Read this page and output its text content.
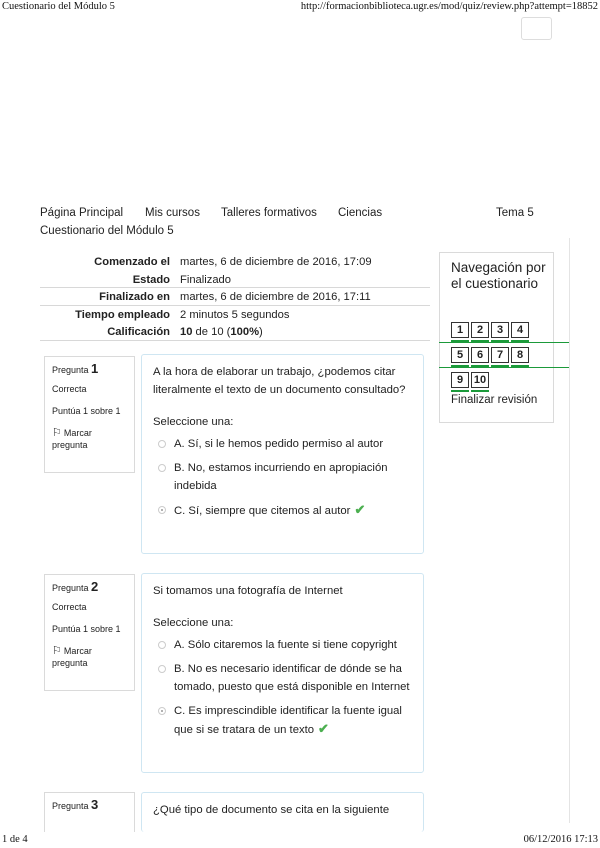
Cuestionario del Módulo 5	http://formacionbiblioteca.ugr.es/mod/quiz/review.php?attempt=18852
Página Principal Mis cursos Talleres formativos Ciencias	Tema 5
Cuestionario del Módulo 5
Comenzado el martes, 6 de diciembre de 2016, 17:09
Estado Finalizado
Finalizado en martes, 6 de diciembre de 2016, 17:11
Tiempo empleado 2 minutos 5 segundos
Calificación 10 de 10 (100%)
Navegación por el cuestionario
1	2	3	4
5	6	7	8
9 10
Finalizar revisión
Pregunta 1
Correcta
Puntúa 1 sobre 1
⚐ Marcar pregunta
A la hora de elaborar un trabajo, ¿podemos citar literalmente el texto de un documento consultado?
Seleccione una:
A. Sí, si le hemos pedido permiso al autor
B. No, estamos incurriendo en apropiación indebida
C. Sí, siempre que citemos al autor ✔
Pregunta 2
Correcta
Puntúa 1 sobre 1
⚐ Marcar pregunta
Si tomamos una fotografía de Internet
Seleccione una:
A. Sólo citaremos la fuente si tiene copyright
B. No es necesario identificar de dónde se ha tomado, puesto que está disponible en Internet
C. Es imprescindible identificar la fuente igual que si se tratara de un texto ✔
Pregunta 3	¿Qué tipo de documento se cita en la siguiente
1 de 4	06/12/2016 17:13
